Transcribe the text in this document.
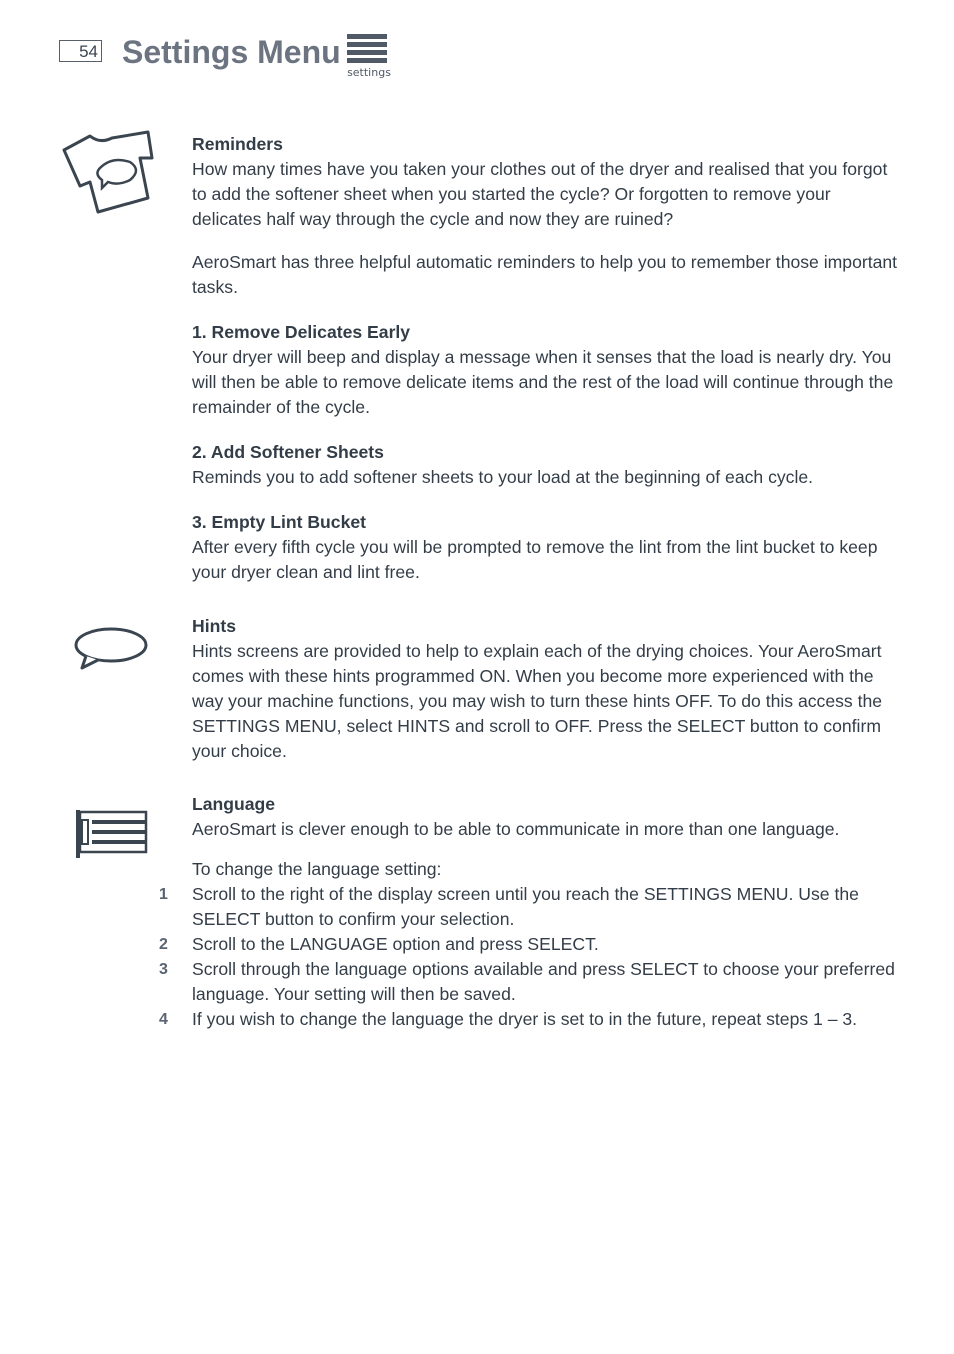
54 Settings Menu
settings
Reminders

How many times have you taken your clothes out of the dryer and realised that you forgot to add the softener sheet when you started the cycle? Or forgotten to remove your delicates half way through the cycle and now they are ruined?

AeroSmart has three helpful automatic reminders to help you to remember those important tasks.

1. Remove Delicates Early

Your dryer will beep and display a message when it senses that the load is nearly dry. You will then be able to remove delicate items and the rest of the load will continue through the remainder of the cycle.

2. Add Softener Sheets

Reminds you to add softener sheets to your load at the beginning of each cycle.

3. Empty Lint Bucket

After every fifth cycle you will be prompted to remove the lint from the lint bucket to keep your dryer clean and lint free.

Hints

Hints screens are provided to help to explain each of the drying choices. Your AeroSmart comes with these hints programmed ON. When you become more experienced with the way your machine functions, you may wish to turn these hints OFF. To do this access the SETTINGS MENU, select HINTS and scroll to OFF. Press the SELECT button to confirm your choice.

Language

AeroSmart is clever enough to be able to communicate in more than one language.

To change the language setting:

1 Scroll to the right of the display screen until you reach the SETTINGS MENU. Use the SELECT button to confirm your selection.
2 Scroll to the LANGUAGE option and press SELECT.
3 Scroll through the language options available and press SELECT to choose your preferred language. Your setting will then be saved.
4 If you wish to change the language the dryer is set to in the future, repeat steps 1 – 3.
